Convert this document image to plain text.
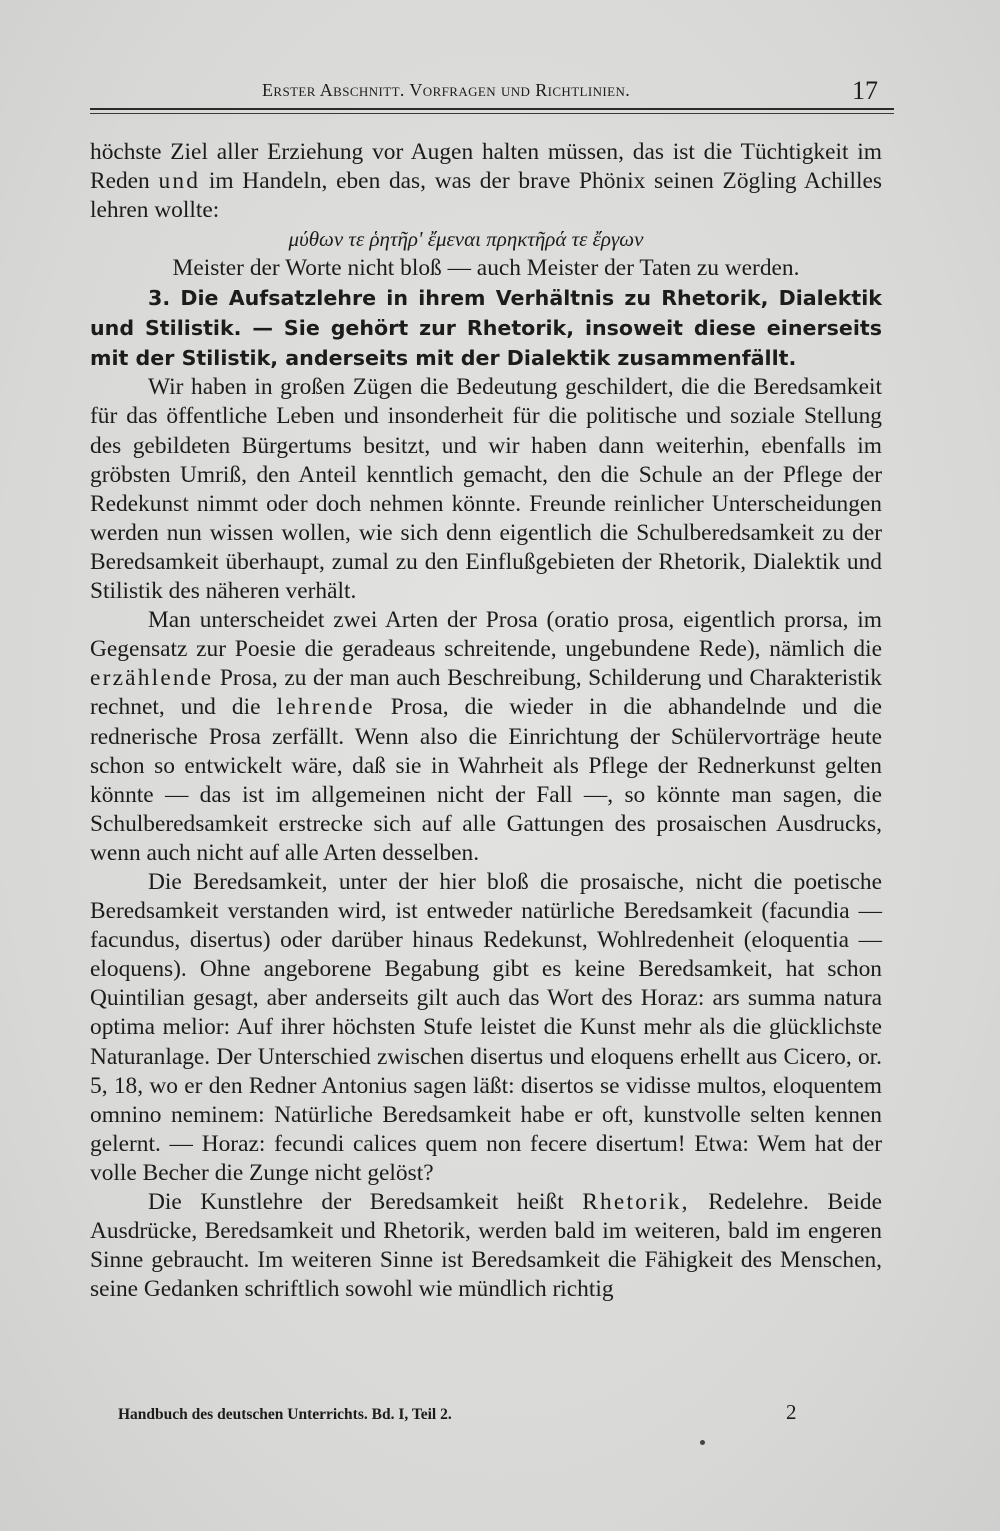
Erster Abschnitt. Vorfragen und Richtlinien.	17

höchste Ziel aller Erziehung vor Augen halten müssen, das ist die Tüchtigkeit im Reden und im Handeln, eben das, was der brave Phönix seinen Zögling Achilles lehren wollte:

μύθων τε ῥητῆρ' ἔμεναι πρηκτῆρά τε ἔργων

Meister der Worte nicht bloß — auch Meister der Taten zu werden.

3. Die Aufsatzlehre in ihrem Verhältnis zu Rhetorik, Dialektik und Stilistik. — Sie gehört zur Rhetorik, insoweit diese einerseits mit der Stilistik, anderseits mit der Dialektik zusammenfällt.

Wir haben in großen Zügen die Bedeutung geschildert, die die Beredsamkeit für das öffentliche Leben und insonderheit für die politische und soziale Stellung des gebildeten Bürgertums besitzt, und wir haben dann weiterhin, ebenfalls im gröbsten Umriß, den Anteil kenntlich gemacht, den die Schule an der Pflege der Redekunst nimmt oder doch nehmen könnte. Freunde reinlicher Unterscheidungen werden nun wissen wollen, wie sich denn eigentlich die Schulberedsamkeit zu der Beredsamkeit überhaupt, zumal zu den Einflußgebieten der Rhetorik, Dialektik und Stilistik des näheren verhält.

Man unterscheidet zwei Arten der Prosa (oratio prosa, eigentlich prorsa, im Gegensatz zur Poesie die geradeaus schreitende, ungebundene Rede), nämlich die erzählende Prosa, zu der man auch Beschreibung, Schilderung und Charakteristik rechnet, und die lehrende Prosa, die wieder in die abhandelnde und die rednerische Prosa zerfällt. Wenn also die Einrichtung der Schülervorträge heute schon so entwickelt wäre, daß sie in Wahrheit als Pflege der Rednerkunst gelten könnte — das ist im allgemeinen nicht der Fall —, so könnte man sagen, die Schulberedsamkeit erstrecke sich auf alle Gattungen des prosaischen Ausdrucks, wenn auch nicht auf alle Arten desselben.

Die Beredsamkeit, unter der hier bloß die prosaische, nicht die poetische Beredsamkeit verstanden wird, ist entweder natürliche Beredsamkeit (facundia — facundus, disertus) oder darüber hinaus Redekunst, Wohlredenheit (eloquentia — eloquens). Ohne angeborene Begabung gibt es keine Beredsamkeit, hat schon Quintilian gesagt, aber anderseits gilt auch das Wort des Horaz: ars summa natura optima melior: Auf ihrer höchsten Stufe leistet die Kunst mehr als die glücklichste Naturanlage. Der Unterschied zwischen disertus und eloquens erhellt aus Cicero, or. 5, 18, wo er den Redner Antonius sagen läßt: disertos se vidisse multos, eloquentem omnino neminem: Natürliche Beredsamkeit habe er oft, kunstvolle selten kennen gelernt. — Horaz: fecundi calices quem non fecere disertum! Etwa: Wem hat der volle Becher die Zunge nicht gelöst?

Die Kunstlehre der Beredsamkeit heißt Rhetorik, Redelehre. Beide Ausdrücke, Beredsamkeit und Rhetorik, werden bald im weiteren, bald im engeren Sinne gebraucht. Im weiteren Sinne ist Beredsamkeit die Fähigkeit des Menschen, seine Gedanken schriftlich sowohl wie mündlich richtig

Handbuch des deutschen Unterrichts. Bd. I, Teil 2.	2
